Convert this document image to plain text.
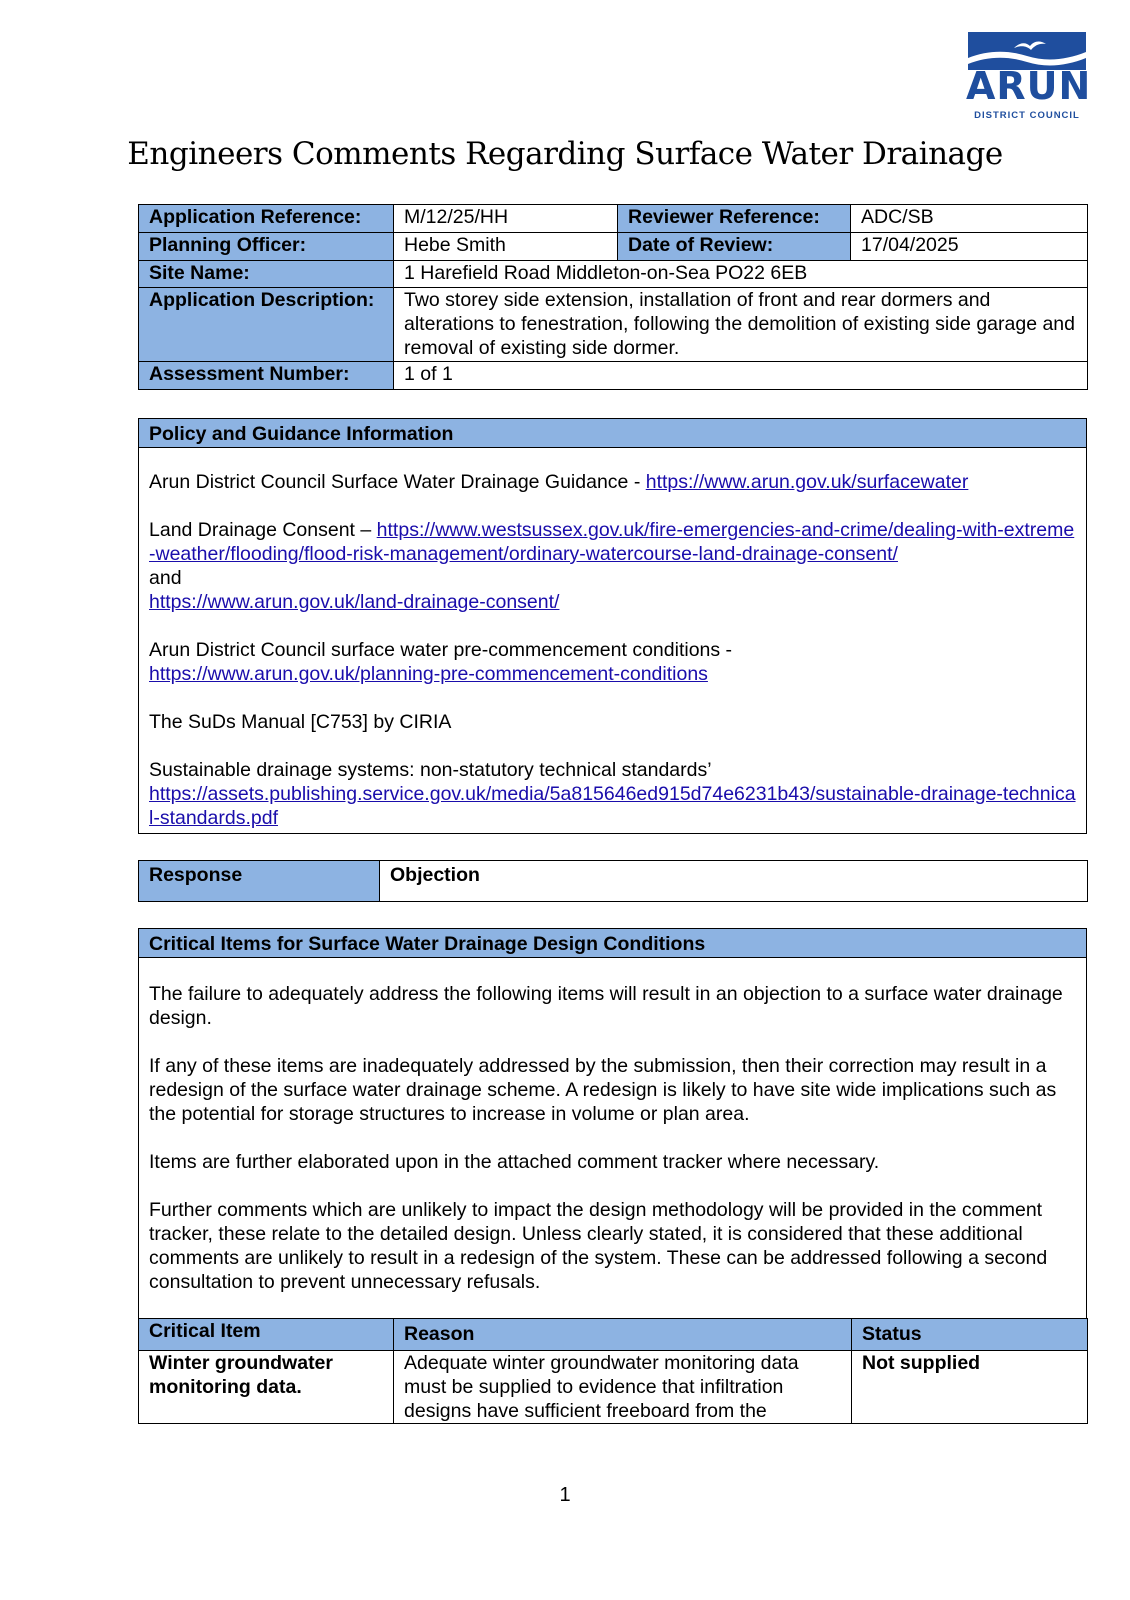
ARUN
DISTRICT COUNCIL
Engineers Comments Regarding Surface Water Drainage
Application Reference:	M/12/25/HH	Reviewer Reference:	ADC/SB
Planning Officer:	Hebe Smith	Date of Review:	17/04/2025
Site Name:	1 Harefield Road Middleton-on-Sea PO22 6EB		
Application Description:	Two storey side extension, installation of front and rear dormers and alterations to fenestration, following the demolition of existing side garage and removal of existing side dormer.		
Assessment Number:	1 of 1		
Policy and Guidance Information

Arun District Council Surface Water Drainage Guidance - https://www.arun.gov.uk/surfacewater

Land Drainage Consent – https://www.westsussex.gov.uk/fire-emergencies-and-crime/dealing-with-extreme-weather/flooding/flood-risk-management/ordinary-watercourse-land-drainage-consent/
and
https://www.arun.gov.uk/land-drainage-consent/

Arun District Council surface water pre-commencement conditions -
https://www.arun.gov.uk/planning-pre-commencement-conditions

The SuDs Manual [C753] by CIRIA

Sustainable drainage systems: non-statutory technical standards’
https://assets.publishing.service.gov.uk/media/5a815646ed915d74e6231b43/sustainable-drainage-technical-standards.pdf

Response	Objection
Critical Items for Surface Water Drainage Design Conditions

The failure to adequately address the following items will result in an objection to a surface water drainage design.

If any of these items are inadequately addressed by the submission, then their correction may result in a redesign of the surface water drainage scheme. A redesign is likely to have site wide implications such as the potential for storage structures to increase in volume or plan area.

Items are further elaborated upon in the attached comment tracker where necessary.

Further comments which are unlikely to impact the design methodology will be provided in the comment tracker, these relate to the detailed design. Unless clearly stated, it is considered that these additional comments are unlikely to result in a redesign of the system. These can be addressed following a second consultation to prevent unnecessary refusals.

Critical Item	Reason	Status
Winter groundwater monitoring data.	Adequate winter groundwater monitoring data must be supplied to evidence that infiltration designs have sufficient freeboard from the	Not supplied
1
